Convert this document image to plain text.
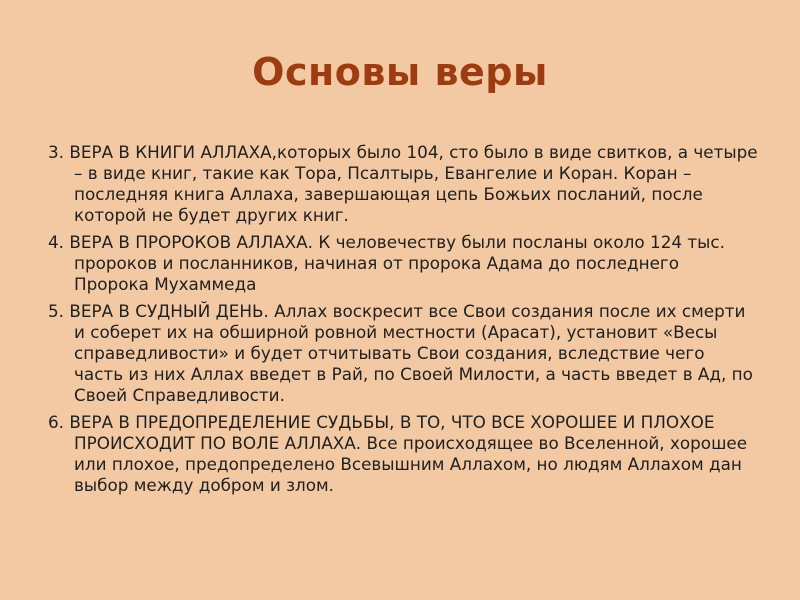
Основы веры
3. ВЕРА В КНИГИ АЛЛАХА,которых было 104, сто было в виде свитков, а четыре – в виде книг, такие как Тора, Псалтырь, Евангелие и Коран. Коран – последняя книга Аллаха, завершающая цепь Божьих посланий, после которой не будет других книг.
4. ВЕРА В ПРОРОКОВ АЛЛАХА. К человечеству были посланы около 124 тыс. пророков и посланников, начиная от пророка Адама до последнего Пророка Мухаммеда
5. ВЕРА В СУДНЫЙ ДЕНЬ. Аллах воскресит все Свои создания после их смерти и соберет их на обширной ровной местности (Арасат), установит «Весы справедливости» и будет отчитывать Свои создания, вследствие чего часть из них Аллах введет в Рай, по Своей Милости, а часть введет в Ад, по Своей Справедливости.
6. ВЕРА В ПРЕДОПРЕДЕЛЕНИЕ СУДЬБЫ, В ТО, ЧТО ВСЕ ХОРОШЕЕ И ПЛОХОЕ ПРОИСХОДИТ ПО ВОЛЕ АЛЛАХА. Все происходящее во Вселенной, хорошее или плохое, предопределено Всевышним Аллахом, но людям Аллахом дан выбор между добром и злом.
